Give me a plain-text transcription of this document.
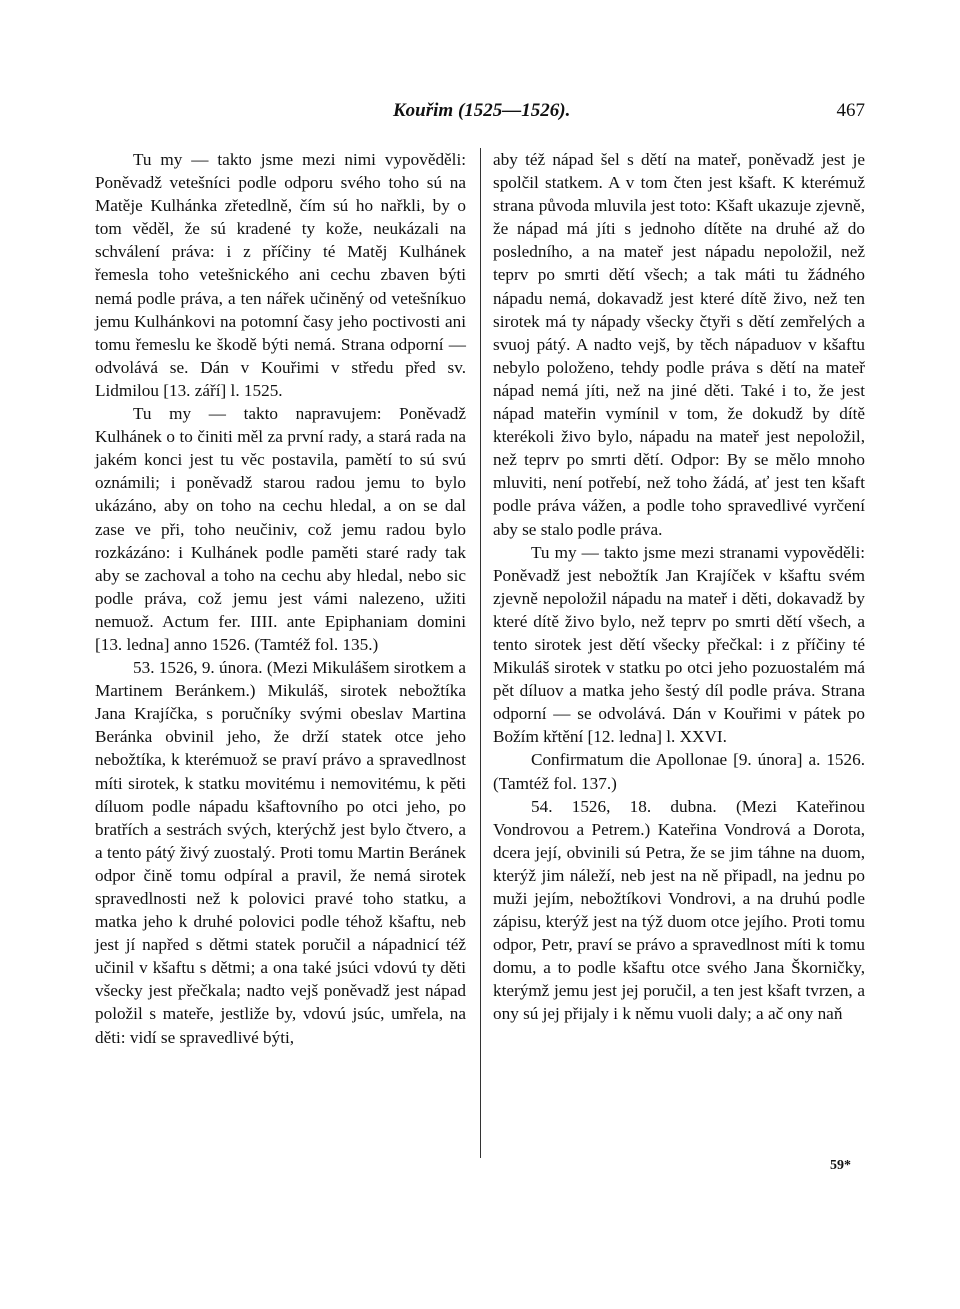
Kouřim (1525—1526).	467

Tu my — takto jsme mezi nimi vypověděli: Poněvadž vetešníci podle odporu svého toho sú na Matěje Kulhánka zřetedlně, čím sú ho nařkli, by o tom věděl, že sú kradené ty kože, neukázali na schválení práva: i z příčiny té Matěj Kulhánek řemesla toho vetešnického ani cechu zbaven býti nemá podle práva, a ten nářek učiněný od vetešníkuo jemu Kulhánkovi na potomní časy jeho poctivosti ani tomu řemeslu ke škodě býti nemá. Strana odporní — odvolává se. Dán v Kouřimi v středu před sv. Lidmilou [13. září] l. 1525.

Tu my — takto napravujem: Poněvadž Kulhánek o to činiti měl za první rady, a stará rada na jakém konci jest tu věc postavila, pamětí to sú svú oznámili; i poněvadž starou radou jemu to bylo ukázáno, aby on toho na cechu hledal, a on se dal zase ve při, toho neučiniv, což jemu radou bylo rozkázáno: i Kulhánek podle paměti staré rady tak aby se zachoval a toho na cechu aby hledal, nebo sic podle práva, což jemu jest vámi nalezeno, užiti nemuož. Actum fer. IIII. ante Epiphaniam domini [13. ledna] anno 1526. (Tamtéž fol. 135.)

53. 1526, 9. února. (Mezi Mikulášem sirotkem a Martinem Beránkem.) Mikuláš, sirotek nebožtíka Jana Krajíčka, s poručníky svými obeslav Martina Beránka obvinil jeho, že drží statek otce jeho nebožtíka, k kterémuož se praví právo a spravedlnost míti sirotek, k statku movitému i nemovitému, k pěti díluom podle nápadu kšaftovního po otci jeho, po bratřích a sestrách svých, kterýchž jest bylo čtvero, a a tento pátý živý zuostalý. Proti tomu Martin Beránek odpor čině tomu odpíral a pravil, že nemá sirotek spravedlnosti než k polovici pravé toho statku, a matka jeho k druhé polovici podle téhož kšaftu, neb jest jí napřed s dětmi statek poručil a nápadnicí též učinil v kšaftu s dětmi; a ona také jsúci vdovú ty děti všecky jest přečkala; nadto vejš poněvadž jest nápad položil s mateře, jestliže by, vdovú jsúc, umřela, na děti: vidí se spravedlivé býti,

aby též nápad šel s dětí na mateř, poněvadž jest je spolčil statkem. A v tom čten jest kšaft. K kterémuž strana původa mluvila jest toto: Kšaft ukazuje zjevně, že nápad má jíti s jednoho dítěte na druhé až do posledního, a na mateř jest nápadu nepoložil, než teprv po smrti dětí všech; a tak máti tu žádného nápadu nemá, dokavadž jest které dítě živo, než ten sirotek má ty nápady všecky čtyři s dětí zemřelých a svuoj pátý. A nadto vejš, by těch nápaduov v kšaftu nebylo položeno, tehdy podle práva s dětí na mateř nápad nemá jíti, než na jiné děti. Také i to, že jest nápad mateřin vymínil v tom, že dokudž by dítě kterékoli živo bylo, nápadu na mateř jest nepoložil, než teprv po smrti dětí. Odpor: By se mělo mnoho mluviti, není potřebí, než toho žádá, ať jest ten kšaft podle práva vážen, a podle toho spravedlivé vyrčení aby se stalo podle práva.

Tu my — takto jsme mezi stranami vypověděli: Poněvadž jest nebožtík Jan Krajíček v kšaftu svém zjevně nepoložil nápadu na mateř i děti, dokavadž by které dítě živo bylo, než teprv po smrti dětí všech, a tento sirotek jest dětí všecky přečkal: i z příčiny té Mikuláš sirotek v statku po otci jeho pozuostalém má pět díluov a matka jeho šestý díl podle práva. Strana odporní — se odvolává. Dán v Kouřimi v pátek po Božím křtění [12. ledna] l. XXVI.

Confirmatum die Apollonae [9. února] a. 1526. (Tamtéž fol. 137.)

54. 1526, 18. dubna. (Mezi Kateřinou Vondrovou a Petrem.) Kateřina Vondrová a Dorota, dcera její, obvinili sú Petra, že se jim táhne na duom, kterýž jim náleží, neb jest na ně připadl, na jednu po muži jejím, nebožtíkovi Vondrovi, a na druhú podle zápisu, kterýž jest na týž duom otce jejího. Proti tomu odpor, Petr, praví se právo a spravedlnost míti k tomu domu, a to podle kšaftu otce svého Jana Škorničky, kterýmž jemu jest jej poručil, a ten jest kšaft tvrzen, a ony sú jej přijaly i k němu vuoli daly; a ač ony naň

59*
